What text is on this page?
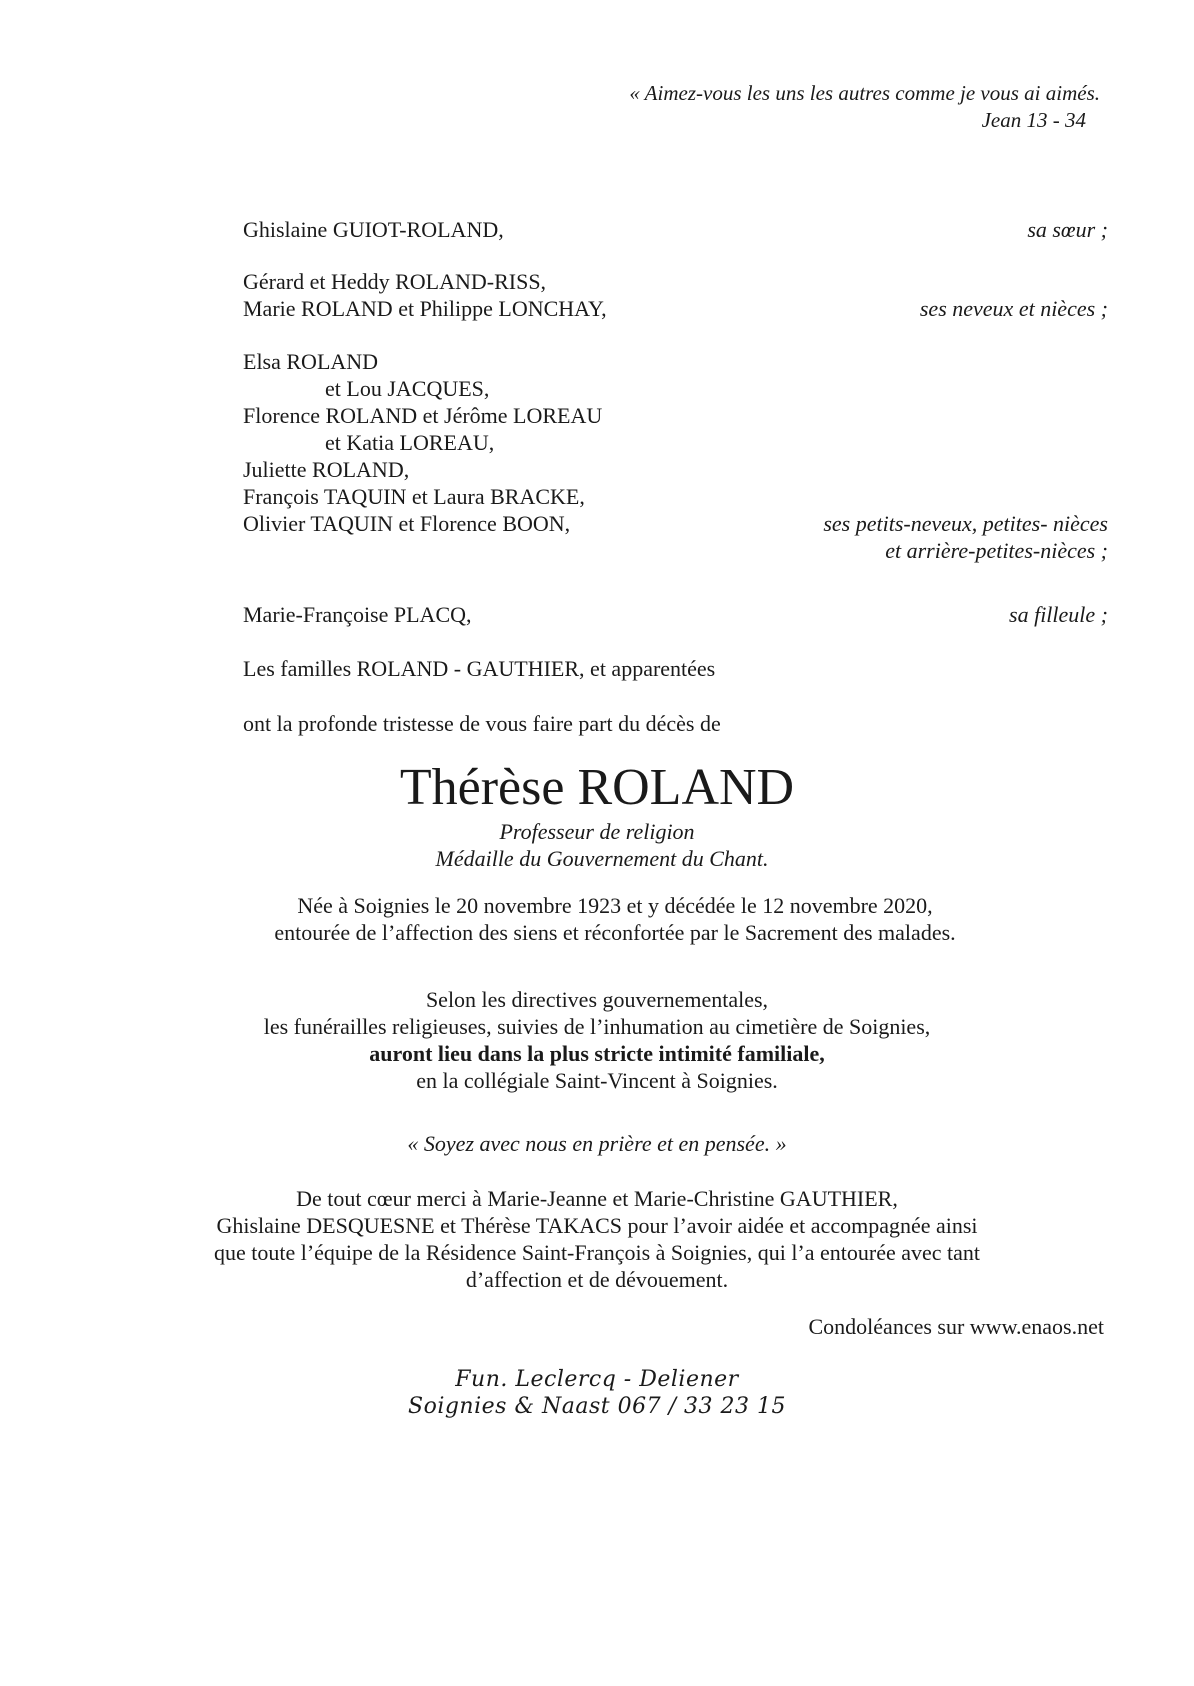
« Aimez-vous les uns les autres comme je vous ai aimés.
Jean 13 - 34
Ghislaine GUIOT-ROLAND,	sa sœur ;
Gérard et Heddy ROLAND-RISS,
Marie ROLAND et Philippe LONCHAY,	ses neveux et nièces ;
Elsa ROLAND
et Lou JACQUES,
Florence ROLAND et Jérôme LOREAU
et Katia LOREAU,
Juliette ROLAND,
François TAQUIN et Laura BRACKE,
Olivier TAQUIN et Florence BOON,	ses petits-neveux, petites- nièces
et arrière-petites-nièces ;
Marie-Françoise PLACQ,	sa filleule ;
Les familles ROLAND - GAUTHIER, et apparentées
ont la profonde tristesse de vous faire part du décès de
Thérèse ROLAND
Professeur de religion
Médaille du Gouvernement du Chant.
Née à Soignies le 20 novembre 1923 et y décédée le 12 novembre 2020,
entourée de l’affection des siens et réconfortée par le Sacrement des malades.
Selon les directives gouvernementales,
les funérailles religieuses, suivies de l’inhumation au cimetière de Soignies,
auront lieu dans la plus stricte intimité familiale,
en la collégiale Saint-Vincent à Soignies.
« Soyez avec nous en prière et en pensée. »
De tout cœur merci à Marie-Jeanne et Marie-Christine GAUTHIER,
Ghislaine DESQUESNE et Thérèse TAKACS pour l’avoir aidée et accompagnée ainsi
que toute l’équipe de la Résidence Saint-François à Soignies, qui l’a entourée avec tant
d’affection et de dévouement.
Condoléances sur www.enaos.net
Fun. Leclercq - Deliener
Soignies & Naast 067 / 33 23 15
